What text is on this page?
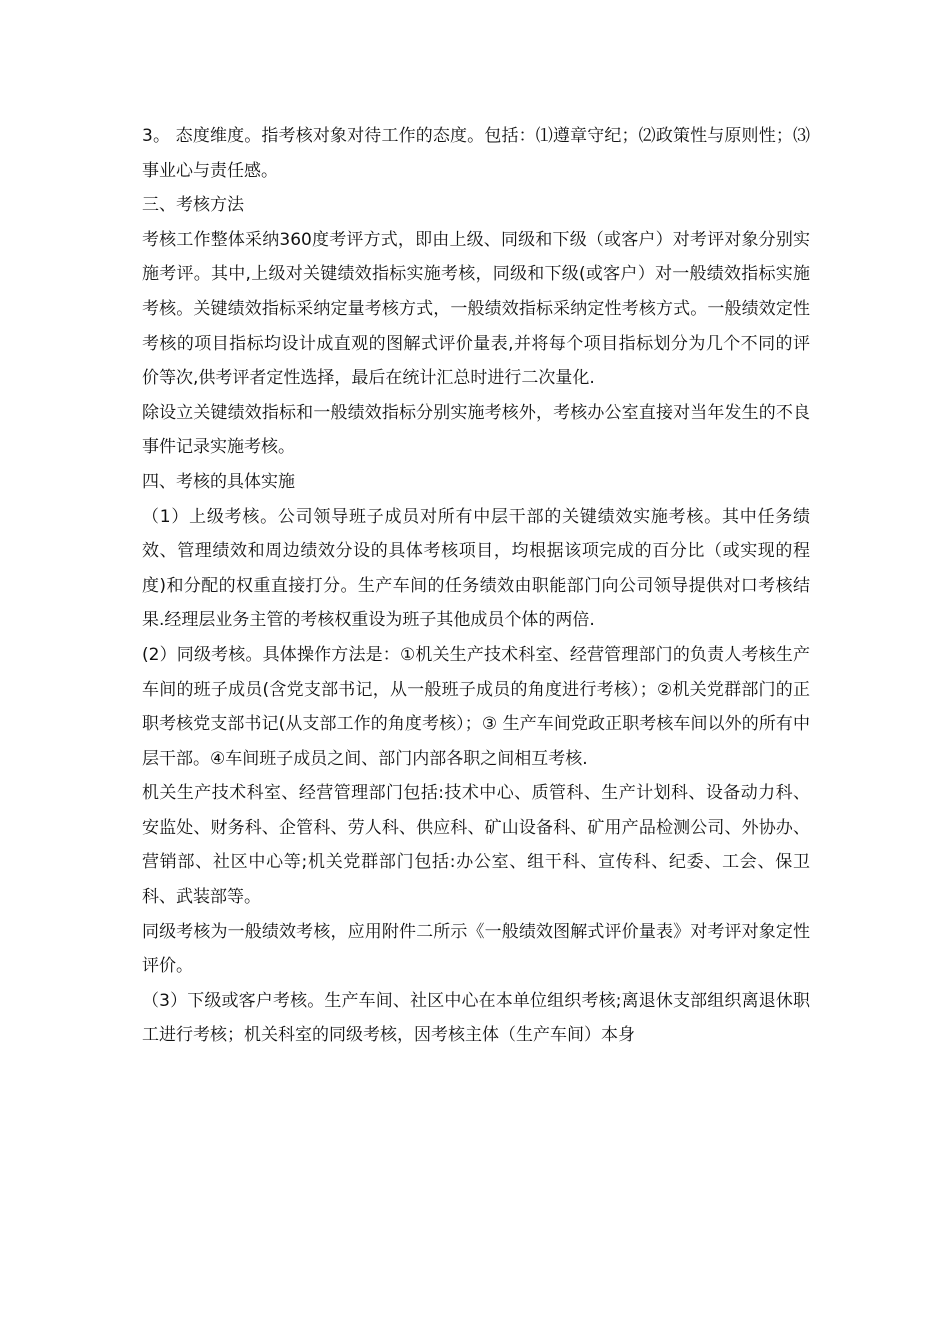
3。 态度维度。指考核对象对待工作的态度。包括：⑴遵章守纪；⑵政策性与原则性；⑶事业心与责任感。

三、考核方法

考核工作整体采纳360度考评方式，即由上级、同级和下级（或客户）对考评对象分别实施考评。其中,上级对关键绩效指标实施考核，同级和下级(或客户）对一般绩效指标实施考核。关键绩效指标采纳定量考核方式，一般绩效指标采纳定性考核方式。一般绩效定性考核的项目指标均设计成直观的图解式评价量表,并将每个项目指标划分为几个不同的评价等次,供考评者定性选择，最后在统计汇总时进行二次量化.

除设立关键绩效指标和一般绩效指标分别实施考核外，考核办公室直接对当年发生的不良事件记录实施考核。

四、考核的具体实施

（1）上级考核。公司领导班子成员对所有中层干部的关键绩效实施考核。其中任务绩效、管理绩效和周边绩效分设的具体考核项目，均根据该项完成的百分比（或实现的程度)和分配的权重直接打分。生产车间的任务绩效由职能部门向公司领导提供对口考核结果.经理层业务主管的考核权重设为班子其他成员个体的两倍.

(2）同级考核。具体操作方法是：①机关生产技术科室、经营管理部门的负责人考核生产车间的班子成员(含党支部书记，从一般班子成员的角度进行考核）；②机关党群部门的正职考核党支部书记(从支部工作的角度考核）；③ 生产车间党政正职考核车间以外的所有中层干部。④车间班子成员之间、部门内部各职之间相互考核.

机关生产技术科室、经营管理部门包括:技术中心、质管科、生产计划科、设备动力科、安监处、财务科、企管科、劳人科、供应科、矿山设备科、矿用产品检测公司、外协办、营销部、社区中心等;机关党群部门包括:办公室、组干科、宣传科、纪委、工会、保卫科、武装部等。

同级考核为一般绩效考核，应用附件二所示《一般绩效图解式评价量表》对考评对象定性评价。

（3）下级或客户考核。生产车间、社区中心在本单位组织考核;离退休支部组织离退休职工进行考核；机关科室的同级考核，因考核主体（生产车间）本身
